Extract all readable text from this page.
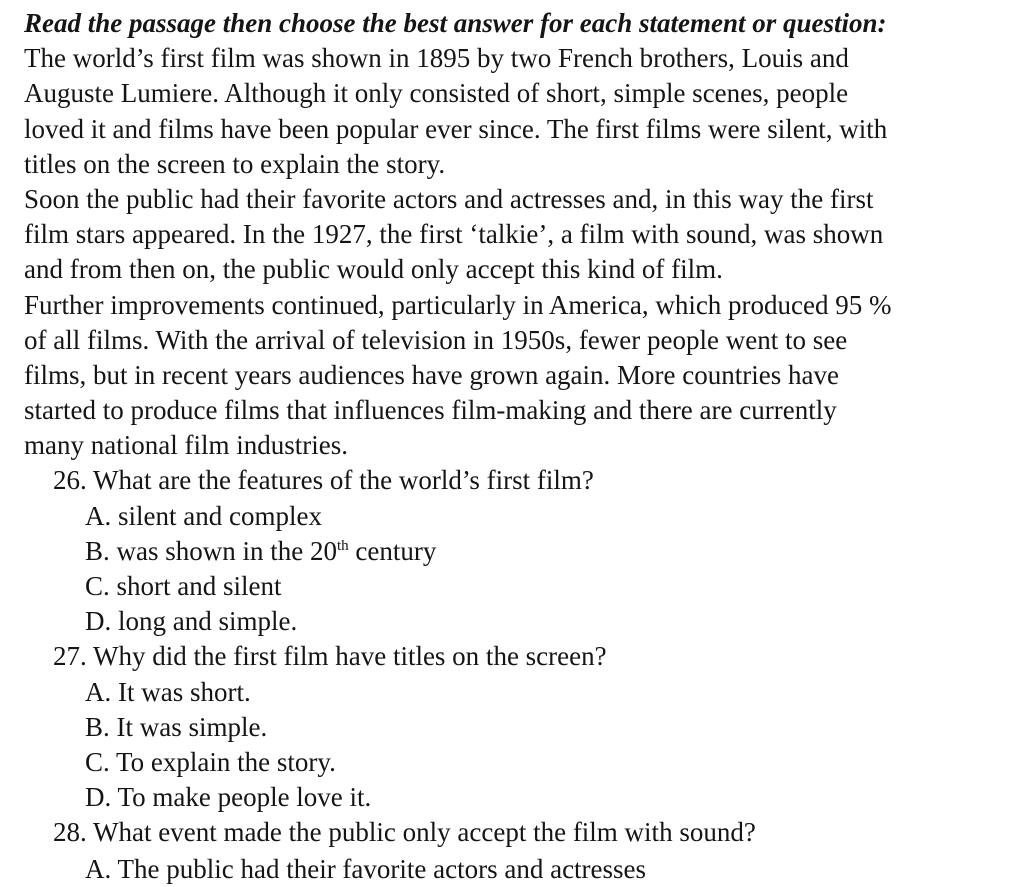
Read the passage then choose the best answer for each statement or question:
The world’s first film was shown in 1895 by two French brothers, Louis and
Auguste Lumiere. Although it only consisted of short, simple scenes, people
loved it and films have been popular ever since. The first films were silent, with
titles on the screen to explain the story.
Soon the public had their favorite actors and actresses and, in this way the first
film stars appeared. In the 1927, the first ‘talkie’, a film with sound, was shown
and from then on, the public would only accept this kind of film.
Further improvements continued, particularly in America, which produced 95 %
of all films. With the arrival of television in 1950s, fewer people went to see
films, but in recent years audiences have grown again. More countries have
started to produce films that influences film-making and there are currently
many national film industries.
26. What are the features of the world’s first film?
A. silent and complex
B. was shown in the 20th century
C. short and silent
D. long and simple.
27. Why did the first film have titles on the screen?
A. It was short.
B. It was simple.
C. To explain the story.
D. To make people love it.
28. What event made the public only accept the film with sound?
A. The public had their favorite actors and actresses
